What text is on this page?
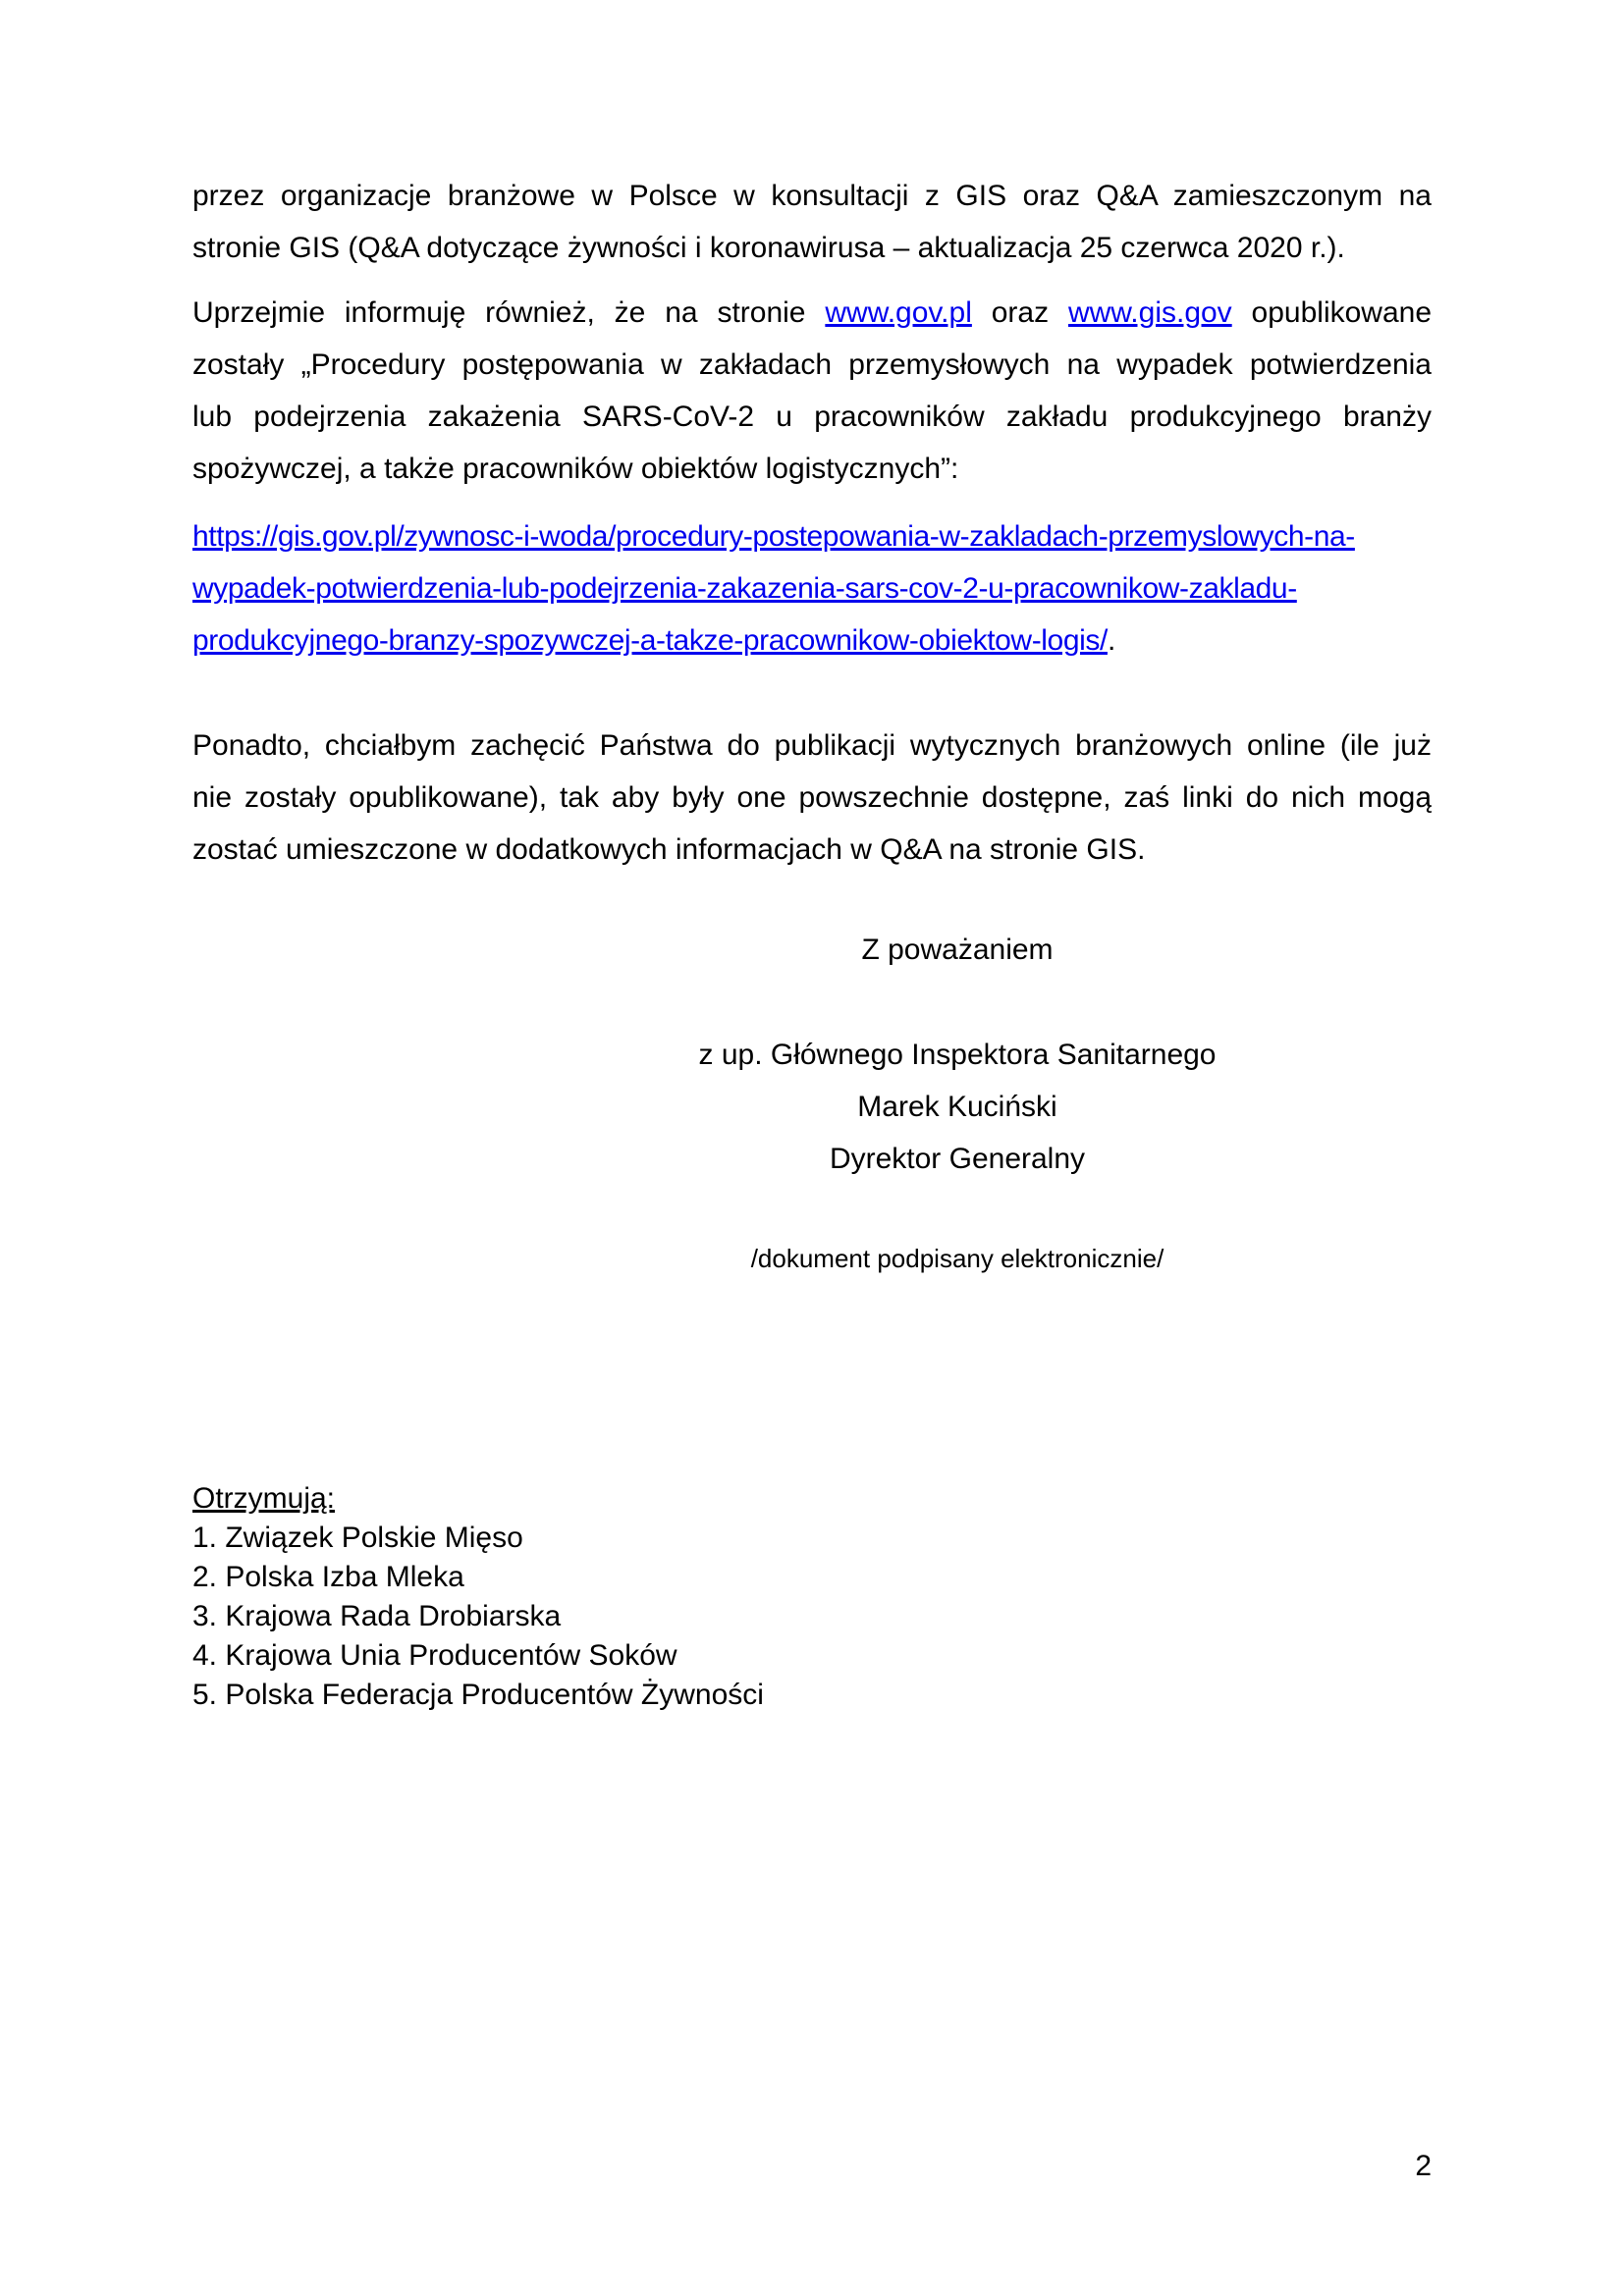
przez organizacje branżowe w Polsce w konsultacji z GIS oraz Q&A zamieszczonym na
stronie GIS (Q&A dotyczące żywności i koronawirusa – aktualizacja 25 czerwca 2020 r.).
Uprzejmie informuję również, że na stronie www.gov.pl oraz www.gis.gov opublikowane
zostały „Procedury postępowania w zakładach przemysłowych na wypadek potwierdzenia
lub podejrzenia zakażenia SARS-CoV-2 u pracowników zakładu produkcyjnego branży
spożywczej, a także pracowników obiektów logistycznych”:
https://gis.gov.pl/zywnosc-i-woda/procedury-postepowania-w-zakladach-przemyslowych-na-
wypadek-potwierdzenia-lub-podejrzenia-zakazenia-sars-cov-2-u-pracownikow-zakladu-
produkcyjnego-branzy-spozywczej-a-takze-pracownikow-obiektow-logis/.
Ponadto, chciałbym zachęcić Państwa do publikacji wytycznych branżowych online (ile już
nie zostały opublikowane), tak aby były one powszechnie dostępne, zaś linki do nich mogą
zostać umieszczone w dodatkowych informacjach w Q&A na stronie GIS.
Z poważaniem
z up. Głównego Inspektora Sanitarnego
Marek Kuciński
Dyrektor Generalny
/dokument podpisany elektronicznie/
Otrzymują:
1. Związek Polskie Mięso
2. Polska Izba Mleka
3. Krajowa Rada Drobiarska
4. Krajowa Unia Producentów Soków
5. Polska Federacja Producentów Żywności
2
